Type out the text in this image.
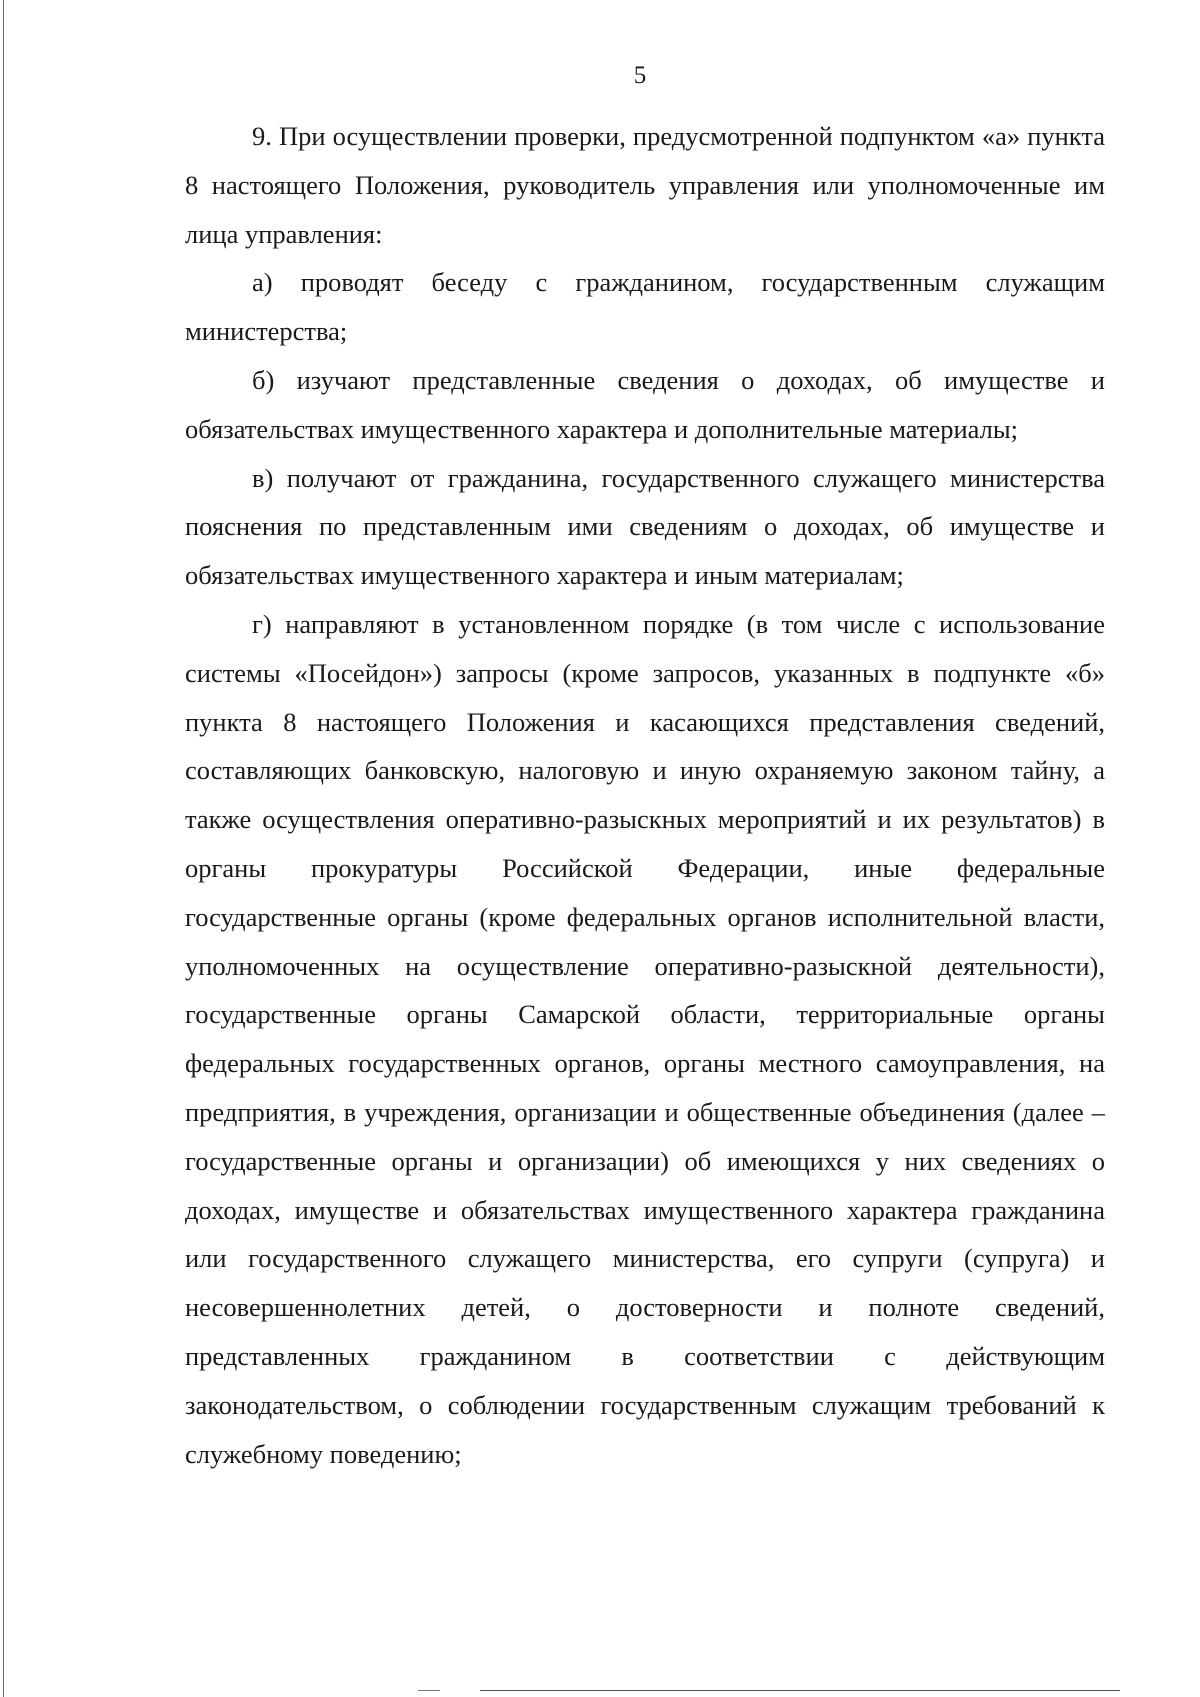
5

9. При осуществлении проверки, предусмотренной подпунктом «а» пункта 8 настоящего Положения, руководитель управления или уполномоченные им лица управления:

а) проводят беседу с гражданином, государственным служащим министерства;

б) изучают представленные сведения о доходах, об имуществе и обязательствах имущественного характера и дополнительные материалы;

в) получают от гражданина, государственного служащего министерства пояснения по представленным ими сведениям о доходах, об имуществе и обязательствах имущественного характера и иным материалам;

г) направляют в установленном порядке (в том числе с использование системы «Посейдон») запросы (кроме запросов, указанных в подпункте «б» пункта 8 настоящего Положения и касающихся представления сведений, составляющих банковскую, налоговую и иную охраняемую законом тайну, а также осуществления оперативно-разыскных мероприятий и их результатов) в органы прокуратуры Российской Федерации, иные федеральные государственные органы (кроме федеральных органов исполнительной власти, уполномоченных на осуществление оперативно-разыскной деятельности), государственные органы Самарской области, территориальные органы федеральных государственных органов, органы местного самоуправления, на предприятия, в учреждения, организации и общественные объединения (далее – государственные органы и организации) об имеющихся у них сведениях о доходах, имуществе и обязательствах имущественного характера гражданина или государственного служащего министерства, его супруги (супруга) и несовершеннолетних детей, о достоверности и полноте сведений, представленных гражданином в соответствии с действующим законодательством, о соблюдении государственным служащим требований к служебному поведению;
